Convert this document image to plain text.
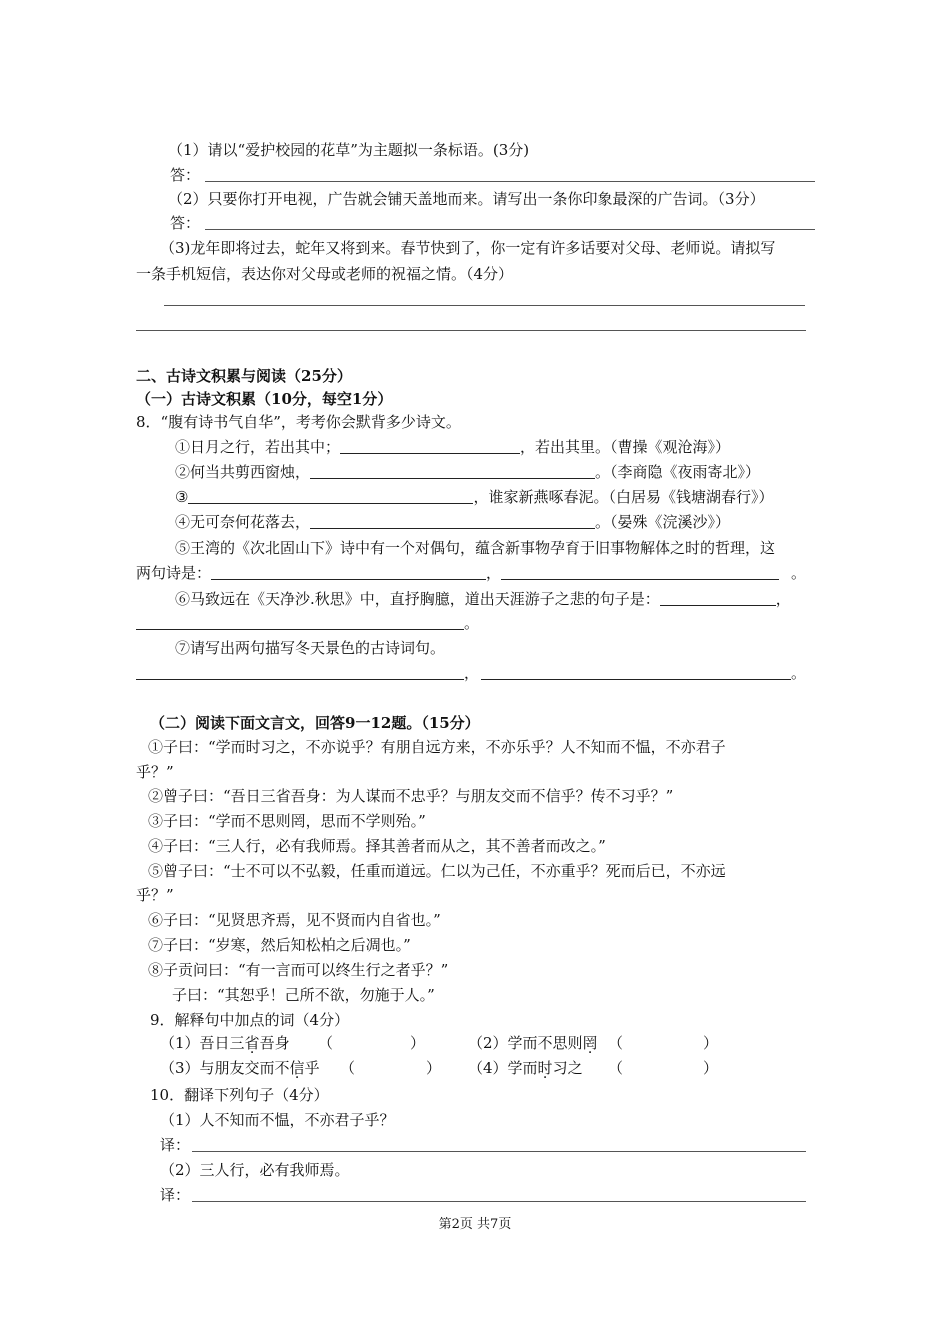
（1）请以“爱护校园的花草”为主题拟一条标语。(3分)
答：
（2）只要你打开电视，广告就会铺天盖地而来。请写出一条你印象最深的广告词。（3分）
答：
（3)龙年即将过去，蛇年又将到来。春节快到了，你一定有许多话要对父母、老师说。请拟写
一条手机短信，表达你对父母或老师的祝福之情。（4分）
二、古诗文积累与阅读（25分）
（一）古诗文积累（10分，每空1分）
8．“腹有诗书气自华”，考考你会默背多少诗文。
①日月之行，若出其中；	，若出其里。（曹操《观沧海》）
②何当共剪西窗烛，	。（李商隐《夜雨寄北》）
③	，谁家新燕啄春泥。（白居易《钱塘湖春行》）
④无可奈何花落去，	。（晏殊《浣溪沙》）
⑤王湾的《次北固山下》诗中有一个对偶句，蕴含新事物孕育于旧事物解体之时的哲理，这
两句诗是：	，	。
⑥马致远在《天净沙.秋思》中，直抒胸臆，道出天涯游子之悲的句子是：	，
。
⑦请写出两句描写冬天景色的古诗词句。
，	。
（二）阅读下面文言文，回答9一12题。（15分）
①子曰：“学而时习之，不亦说乎？有朋自远方来，不亦乐乎？人不知而不愠，不亦君子
乎？”
②曾子曰：“吾日三省吾身：为人谋而不忠乎？与朋友交而不信乎？传不习乎？”
③子曰：“学而不思则罔，思而不学则殆。”
④子曰：“三人行，必有我师焉。择其善者而从之，其不善者而改之。”
⑤曾子曰：“士不可以不弘毅，任重而道远。仁以为己任，不亦重乎？死而后已，不亦远
乎？”
⑥子曰：“见贤思齐焉，见不贤而内自省也。”
⑦子曰：“岁寒，然后知松柏之后凋也。”
⑧子贡问曰：“有一言而可以终生行之者乎？”
子曰：“其恕乎！己所不欲，勿施于人。”
9．解释句中加点的词（4分）
（1）吾日三省吾身 （	）	（2）学而不思则罔 （	）
（3）与朋友交而不信乎 （	） （4）学而时习之 （	）
10．翻译下列句子（4分）
（1）人不知而不愠，不亦君子乎？
译：
（2）三人行，必有我师焉。
译：
第2页 共7页
